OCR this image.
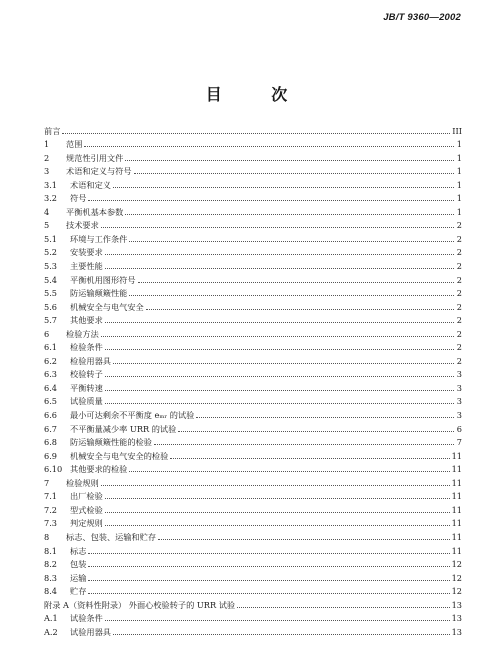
JB/T 9360—2002
目 次
前言	III
1	范围	1
2	规范性引用文件	1
3	术语和定义与符号	1
3.1	术语和定义	1
3.2	符号	1
4	平衡机基本参数	1
5	技术要求	2
5.1	环境与工作条件	2
5.2	安装要求	2
5.3	主要性能	2
5.4	平衡机用图形符号	2
5.5	防运输颠簸性能	2
5.6	机械安全与电气安全	2
5.7	其他要求	2
6	检验方法	2
6.1	检验条件	2
6.2	检验用器具	2
6.3	校验转子	3
6.4	平衡转速	3
6.5	试验质量	3
6.6	最小可达剩余不平衡度 eₘᵣ 的试验	3
6.7	不平衡量减少率 URR 的试验	6
6.8	防运输颠簸性能的检验	7
6.9	机械安全与电气安全的检验	11
6.10 其他要求的检验	11
7	检验规则	11
7.1	出厂检验	11
7.2	型式检验	11
7.3	判定规则	11
8	标志、包装、运输和贮存	11
8.1	标志	11
8.2	包装	12
8.3	运输	12
8.4	贮存	12
附录 A（资料性附录） 外面心校验转子的 URR 试验	13
A.1	试验条件	13
A.2	试验用器具	13
